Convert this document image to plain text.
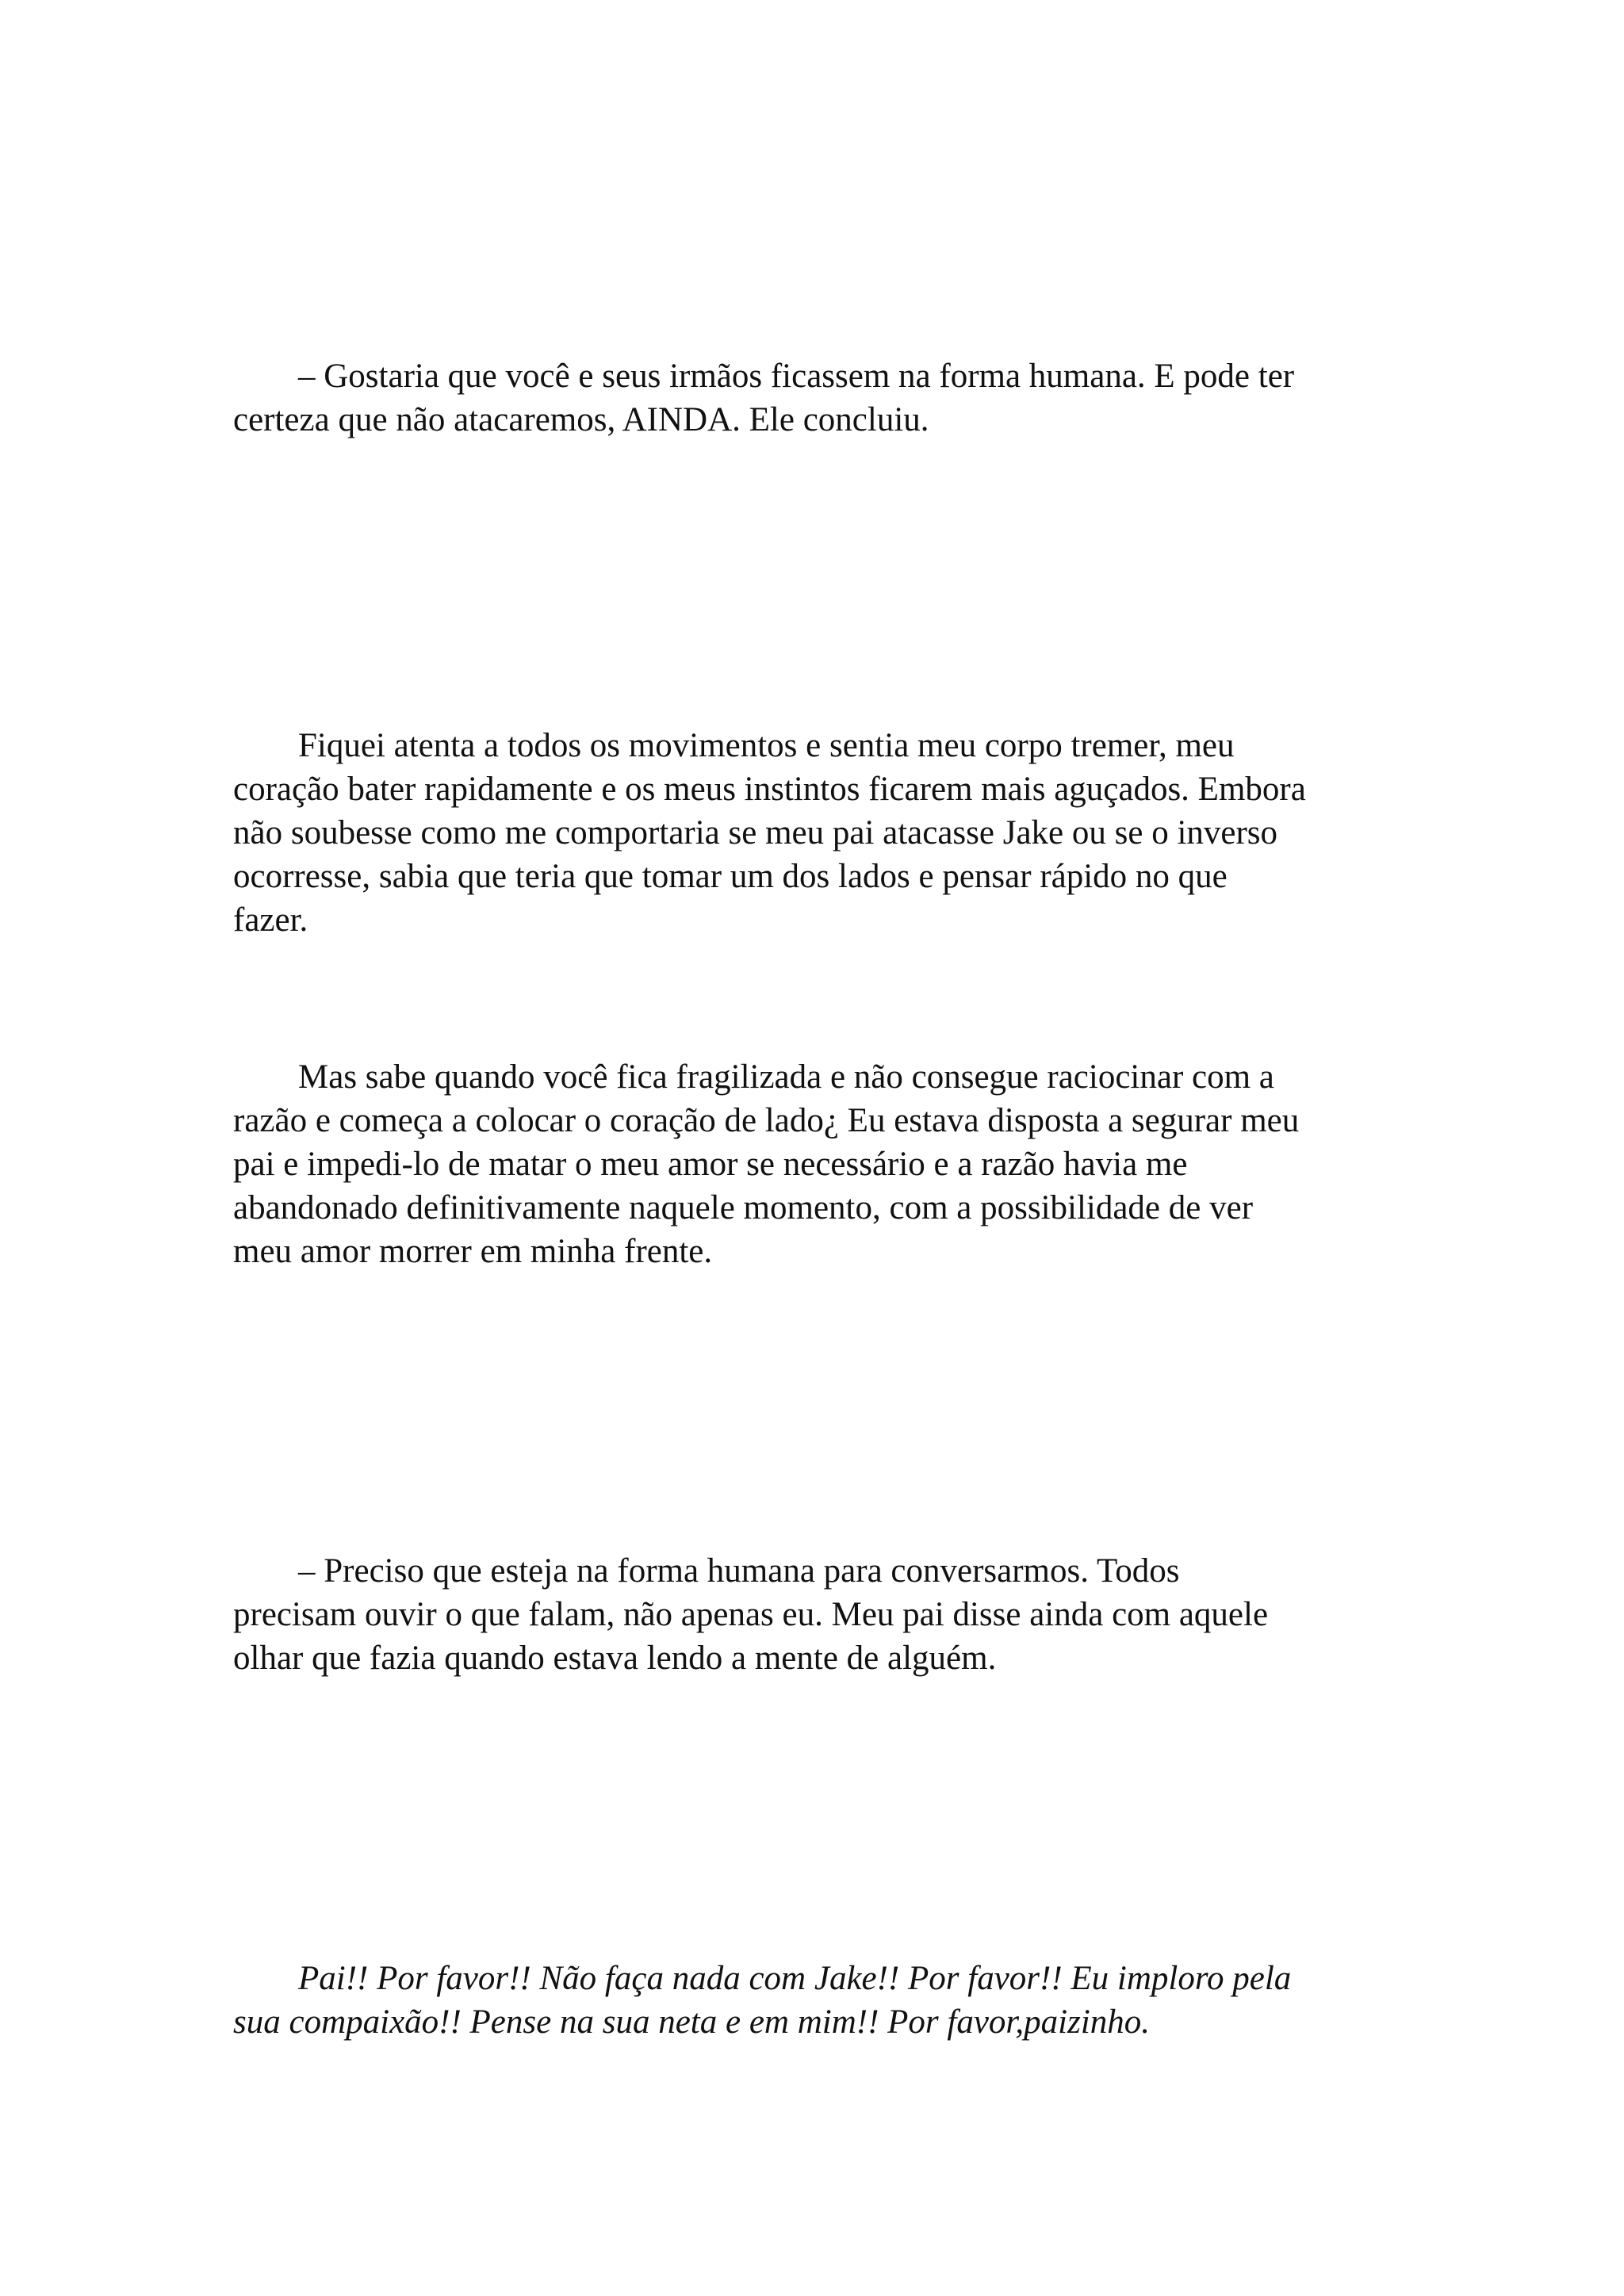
– Gostaria que você e seus irmãos ficassem na forma humana. E pode ter
certeza que não atacaremos, AINDA. Ele concluiu.

Fiquei atenta a todos os movimentos e sentia meu corpo tremer, meu
coração bater rapidamente e os meus instintos ficarem mais aguçados. Embora
não soubesse como me comportaria se meu pai atacasse Jake ou se o inverso
ocorresse, sabia que teria que tomar um dos lados e pensar rápido no que
fazer.

Mas sabe quando você fica fragilizada e não consegue raciocinar com a
razão e começa a colocar o coração de lado¿ Eu estava disposta a segurar meu
pai e impedi-lo de matar o meu amor se necessário e a razão havia me
abandonado definitivamente naquele momento, com a possibilidade de ver
meu amor morrer em minha frente.

– Preciso que esteja na forma humana para conversarmos. Todos
precisam ouvir o que falam, não apenas eu. Meu pai disse ainda com aquele
olhar que fazia quando estava lendo a mente de alguém.

Pai!! Por favor!! Não faça nada com Jake!! Por favor!! Eu imploro pela
sua compaixão!! Pense na sua neta e em mim!! Por favor,paizinho.
